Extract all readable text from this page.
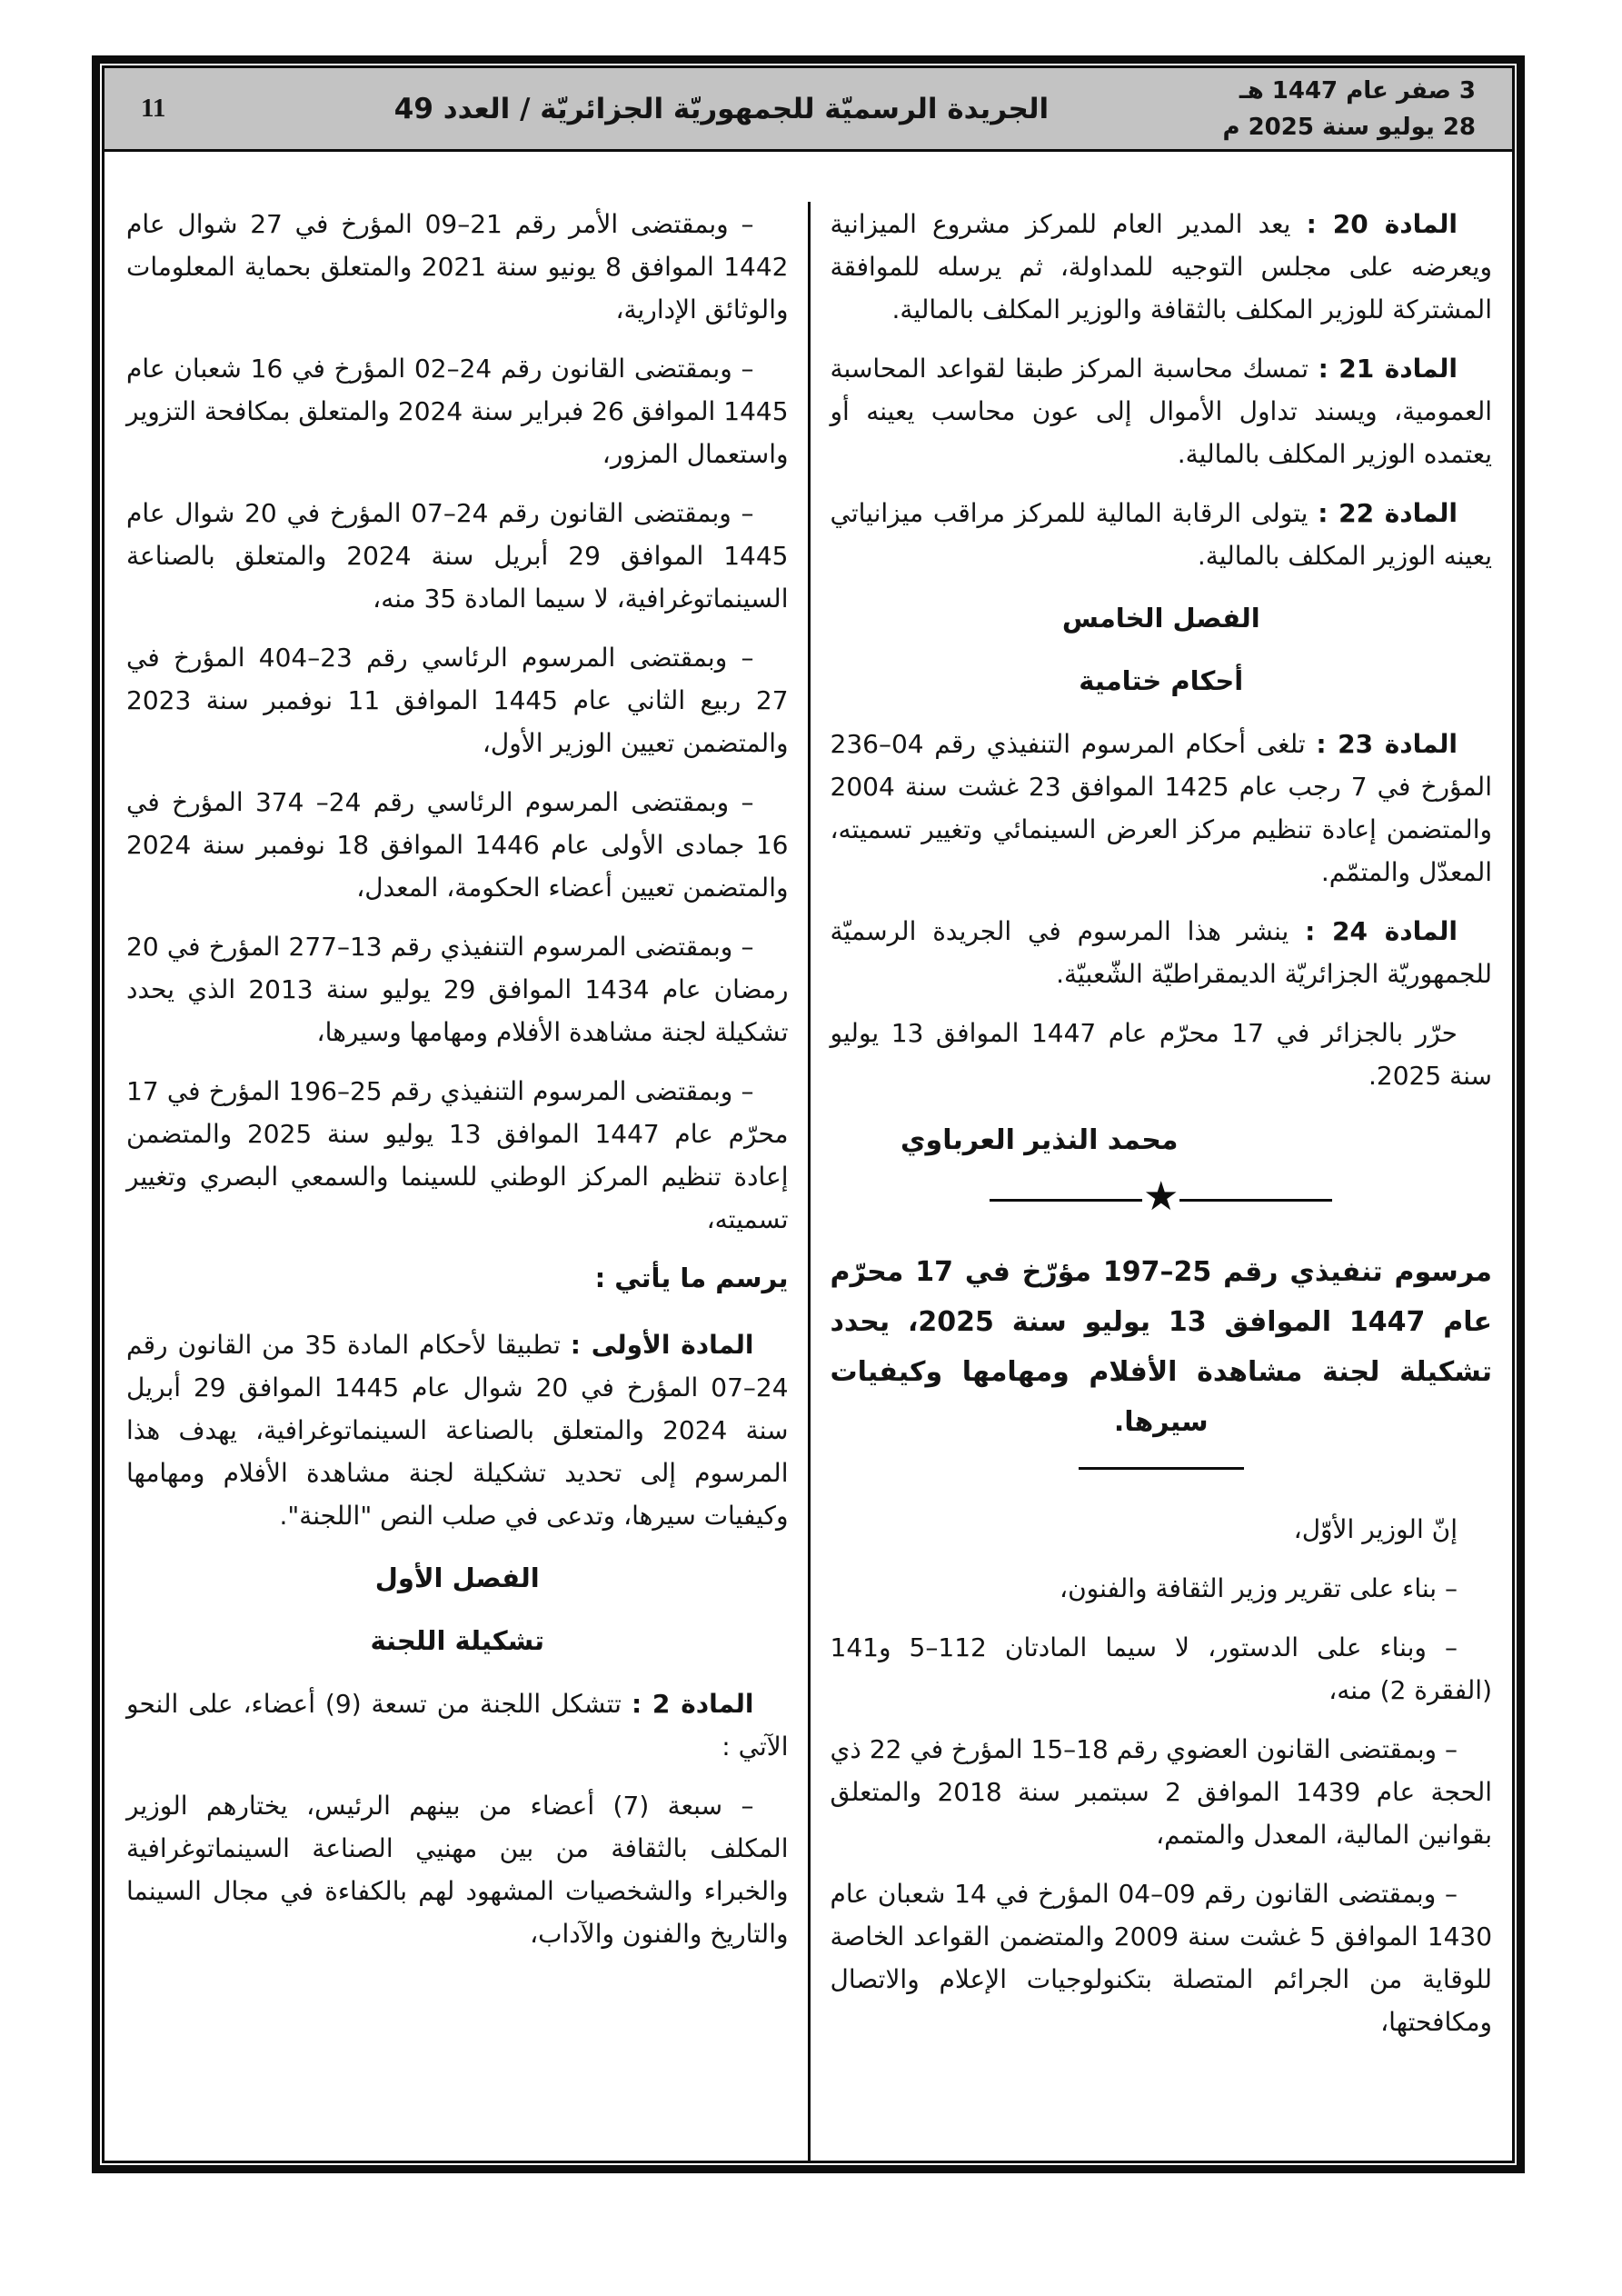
3 صفر عام 1447 هـ
28 يوليو سنة 2025 م
الجريدة الرسميّة للجمهوريّة الجزائريّة / العدد 49
11

المادة 20 : يعد المدير العام للمركز مشروع الميزانية ويعرضه على مجلس التوجيه للمداولة، ثم يرسله للموافقة المشتركة للوزير المكلف بالثقافة والوزير المكلف بالمالية.

المادة 21 : تمسك محاسبة المركز طبقا لقواعد المحاسبة العمومية، ويسند تداول الأموال إلى عون محاسب يعينه أو يعتمده الوزير المكلف بالمالية.

المادة 22 : يتولى الرقابة المالية للمركز مراقب ميزانياتي يعينه الوزير المكلف بالمالية.

الفصل الخامس
أحكام ختامية

المادة 23 : تلغى أحكام المرسوم التنفيذي رقم 04–236 المؤرخ في 7 رجب عام 1425 الموافق 23 غشت سنة 2004 والمتضمن إعادة تنظيم مركز العرض السينمائي وتغيير تسميته، المعدّل والمتمّم.

المادة 24 : ينشر هذا المرسوم في الجريدة الرسميّة للجمهوريّة الجزائريّة الديمقراطيّة الشّعبيّة.

حرّر بالجزائر في 17 محرّم عام 1447 الموافق 13 يوليو سنة 2025.

محمد النذير العرباوي
★
مرسوم تنفيذي رقم 25–197 مؤرّخ في 17 محرّم عام 1447 الموافق 13 يوليو سنة 2025، يحدد تشكيلة لجنة مشاهدة الأفلام ومهامها وكيفيات سيرها.

إنّ الوزير الأوّل،

– بناء على تقرير وزير الثقافة والفنون،

– وبناء على الدستور، لا سيما المادتان 112–5 و141 (الفقرة 2) منه،

– وبمقتضى القانون العضوي رقم 18–15 المؤرخ في 22 ذي الحجة عام 1439 الموافق 2 سبتمبر سنة 2018 والمتعلق بقوانين المالية، المعدل والمتمم،

– وبمقتضى القانون رقم 09–04 المؤرخ في 14 شعبان عام 1430 الموافق 5 غشت سنة 2009 والمتضمن القواعد الخاصة للوقاية من الجرائم المتصلة بتكنولوجيات الإعلام والاتصال ومكافحتها،

– وبمقتضى الأمر رقم 21–09 المؤرخ في 27 شوال عام 1442 الموافق 8 يونيو سنة 2021 والمتعلق بحماية المعلومات والوثائق الإدارية،

– وبمقتضى القانون رقم 24–02 المؤرخ في 16 شعبان عام 1445 الموافق 26 فبراير سنة 2024 والمتعلق بمكافحة التزوير واستعمال المزور،

– وبمقتضى القانون رقم 24–07 المؤرخ في 20 شوال عام 1445 الموافق 29 أبريل سنة 2024 والمتعلق بالصناعة السينماتوغرافية، لا سيما المادة 35 منه،

– وبمقتضى المرسوم الرئاسي رقم 23–404 المؤرخ في 27 ربيع الثاني عام 1445 الموافق 11 نوفمبر سنة 2023 والمتضمن تعيين الوزير الأول،

– وبمقتضى المرسوم الرئاسي رقم 24– 374 المؤرخ في 16 جمادى الأولى عام 1446 الموافق 18 نوفمبر سنة 2024 والمتضمن تعيين أعضاء الحكومة، المعدل،

– وبمقتضى المرسوم التنفيذي رقم 13–277 المؤرخ في 20 رمضان عام 1434 الموافق 29 يوليو سنة 2013 الذي يحدد تشكيلة لجنة مشاهدة الأفلام ومهامها وسيرها،

– وبمقتضى المرسوم التنفيذي رقم 25–196 المؤرخ في 17 محرّم عام 1447 الموافق 13 يوليو سنة 2025 والمتضمن إعادة تنظيم المركز الوطني للسينما والسمعي البصري وتغيير تسميته،

يرسم ما يأتي :

المادة الأولى : تطبيقا لأحكام المادة 35 من القانون رقم 24–07 المؤرخ في 20 شوال عام 1445 الموافق 29 أبريل سنة 2024 والمتعلق بالصناعة السينماتوغرافية، يهدف هذا المرسوم إلى تحديد تشكيلة لجنة مشاهدة الأفلام ومهامها وكيفيات سيرها، وتدعى في صلب النص "اللجنة".

الفصل الأول
تشكيلة اللجنة

المادة 2 : تتشكل اللجنة من تسعة (9) أعضاء، على النحو الآتي :

– سبعة (7) أعضاء من بينهم الرئيس، يختارهم الوزير المكلف بالثقافة من بين مهنيي الصناعة السينماتوغرافية والخبراء والشخصيات المشهود لهم بالكفاءة في مجال السينما والتاريخ والفنون والآداب،
